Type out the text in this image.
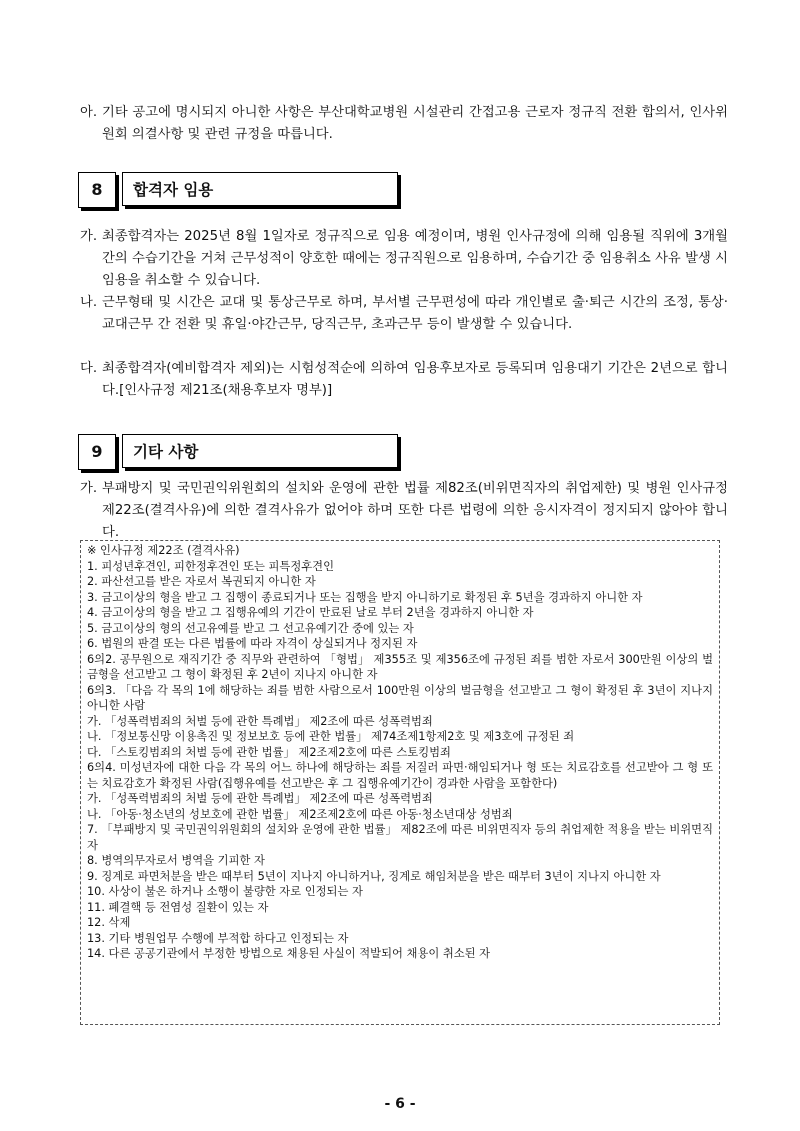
아. 기타 공고에 명시되지 아니한 사항은 부산대학교병원 시설관리 간접고용 근로자 정규직 전환 합의서, 인사위원회 의결사항 및 관련 규정을 따릅니다.
8	합격자 임용
가. 최종합격자는 2025년 8월 1일자로 정규직으로 임용 예정이며, 병원 인사규정에 의해 임용될 직위에 3개월간의 수습기간을 거쳐 근무성적이 양호한 때에는 정규직원으로 임용하며, 수습기간 중 임용취소 사유 발생 시 임용을 취소할 수 있습니다.
나. 근무형태 및 시간은 교대 및 통상근무로 하며, 부서별 근무편성에 따라 개인별로 출·퇴근 시간의 조정, 통상·교대근무 간 전환 및 휴일·야간근무, 당직근무, 초과근무 등이 발생할 수 있습니다.
다. 최종합격자(예비합격자 제외)는 시험성적순에 의하여 임용후보자로 등록되며 임용대기 기간은 2년으로 합니다.[인사규정 제21조(채용후보자 명부)]
9	기타 사항
가. 부패방지 및 국민권익위원회의 설치와 운영에 관한 법률 제82조(비위면직자의 취업제한) 및 병원 인사규정 제22조(결격사유)에 의한 결격사유가 없어야 하며 또한 다른 법령에 의한 응시자격이 정지되지 않아야 합니다.
※ 인사규정 제22조 (결격사유)
1. 피성년후견인, 피한정후견인 또는 피특정후견인
2. 파산선고를 받은 자로서 복권되지 아니한 자
3. 금고이상의 형을 받고 그 집행이 종료되거나 또는 집행을 받지 아니하기로 확정된 후 5년을 경과하지 아니한 자
4. 금고이상의 형을 받고 그 집행유예의 기간이 만료된 날로 부터 2년을 경과하지 아니한 자
5. 금고이상의 형의 선고유예를 받고 그 선고유예기간 중에 있는 자
6. 법원의 판결 또는 다른 법률에 따라 자격이 상실되거나 정지된 자
6의2. 공무원으로 재직기간 중 직무와 관련하여 「형법」 제355조 및 제356조에 규정된 죄를 범한 자로서 300만원 이상의 벌금형을 선고받고 그 형이 확정된 후 2년이 지나지 아니한 자
6의3. 「다음 각 목의 1에 해당하는 죄를 범한 사람으로서 100만원 이상의 벌금형을 선고받고 그 형이 확정된 후 3년이 지나지 아니한 사람
가. 「성폭력범죄의 처벌 등에 관한 특례법」 제2조에 따른 성폭력범죄
나. 「정보통신망 이용촉진 및 정보보호 등에 관한 법률」 제74조제1항제2호 및 제3호에 규정된 죄
다. 「스토킹범죄의 처벌 등에 관한 법률」 제2조제2호에 따른 스토킹범죄
6의4. 미성년자에 대한 다음 각 목의 어느 하나에 해당하는 죄를 저질러 파면·해임되거나 형 또는 치료감호를 선고받아 그 형 또는 치료감호가 확정된 사람(집행유예를 선고받은 후 그 집행유예기간이 경과한 사람을 포함한다)
가. 「성폭력범죄의 처벌 등에 관한 특례법」 제2조에 따른 성폭력범죄
나. 「아동·청소년의 성보호에 관한 법률」 제2조제2호에 따른 아동·청소년대상 성범죄
7. 「부패방지 및 국민권익위원회의 설치와 운영에 관한 법률」 제82조에 따른 비위면직자 등의 취업제한 적용을 받는 비위면직자
8. 병역의무자로서 병역을 기피한 자
9. 징계로 파면처분을 받은 때부터 5년이 지나지 아니하거나, 징계로 해임처분을 받은 때부터 3년이 지나지 아니한 자
10. 사상이 불온 하거나 소행이 불량한 자로 인정되는 자
11. 폐결핵 등 전염성 질환이 있는 자
12. 삭제
13. 기타 병원업무 수행에 부적합 하다고 인정되는 자
14. 다른 공공기관에서 부정한 방법으로 채용된 사실이 적발되어 채용이 취소된 자
- 6 -
